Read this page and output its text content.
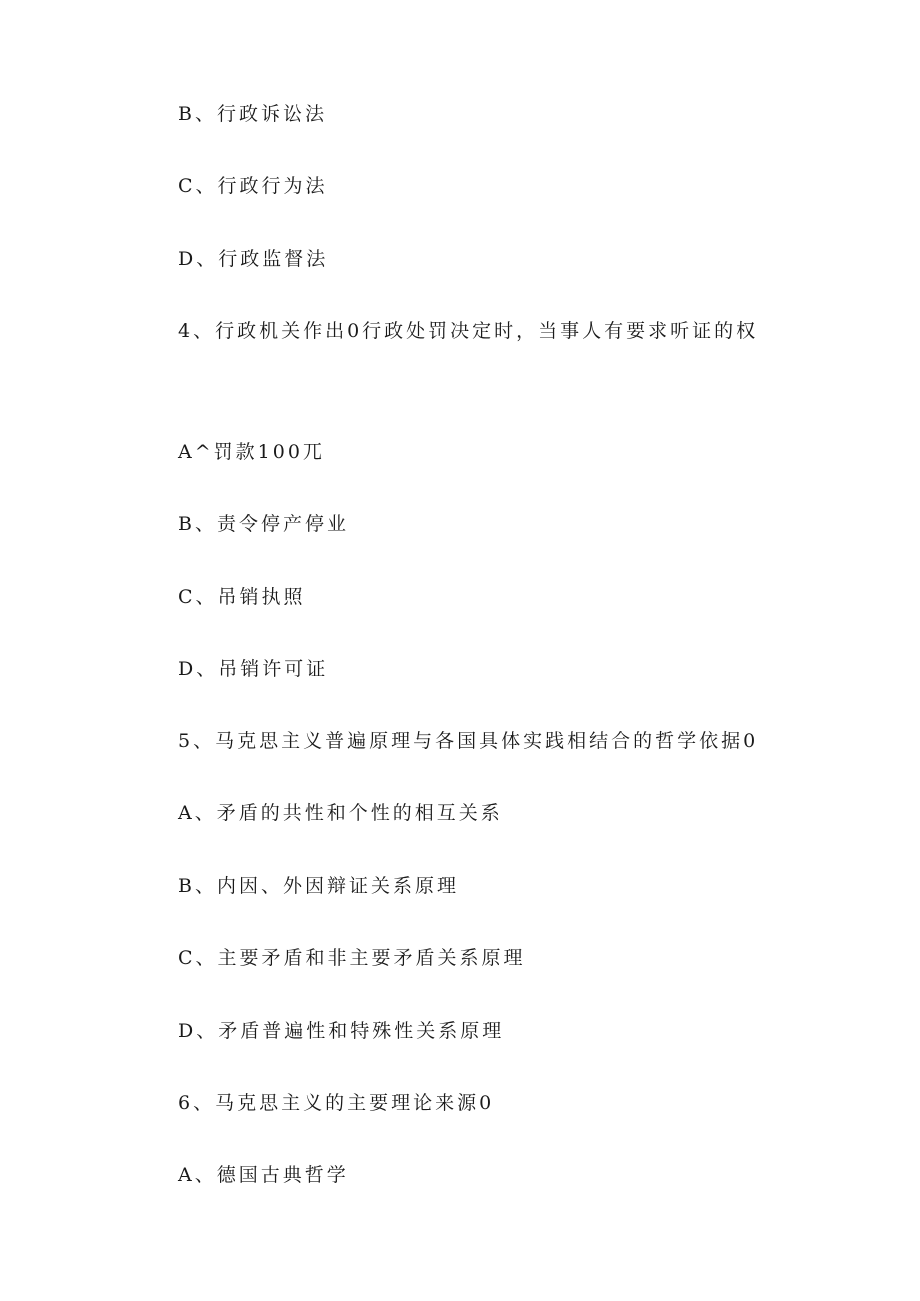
B、行政诉讼法
C、行政行为法
D、行政监督法
4、行政机关作出0行政处罚决定时，当事人有要求听证的权
A^罚款100兀
B、责令停产停业
C、吊销执照
D、吊销许可证
5、马克思主义普遍原理与各国具体实践相结合的哲学依据0
A、矛盾的共性和个性的相互关系
B、内因、外因辩证关系原理
C、主要矛盾和非主要矛盾关系原理
D、矛盾普遍性和特殊性关系原理
6、马克思主义的主要理论来源0
A、德国古典哲学
